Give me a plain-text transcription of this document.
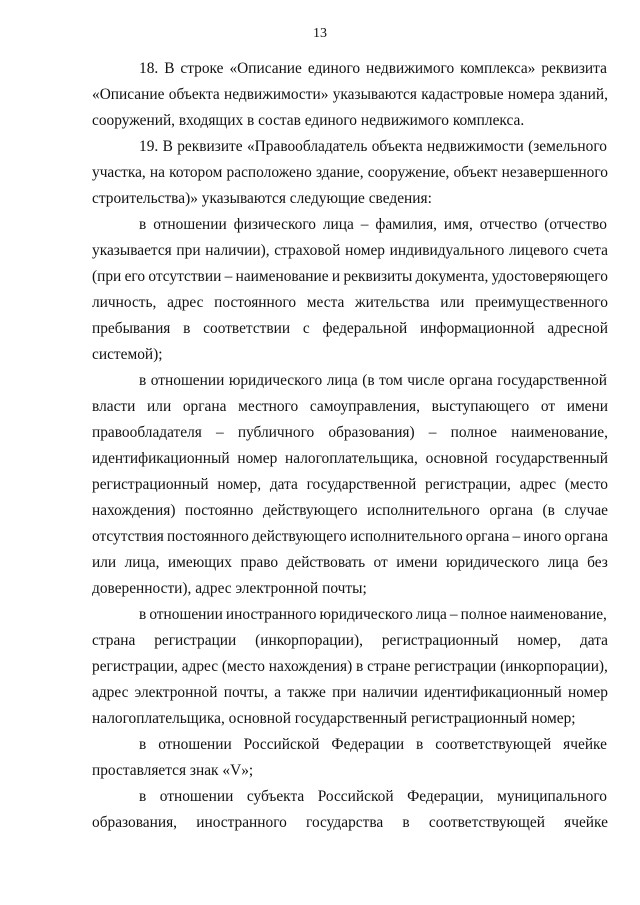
13
18. В строке «Описание единого недвижимого комплекса» реквизита
«Описание объекта недвижимости» указываются кадастровые номера зданий,
сооружений, входящих в состав единого недвижимого комплекса.
19. В реквизите «Правообладатель объекта недвижимости (земельного
участка, на котором расположено здание, сооружение, объект незавершенного
строительства)» указываются следующие сведения:
в отношении физического лица – фамилия, имя, отчество (отчество
указывается при наличии), страховой номер индивидуального лицевого счета
(при его отсутствии – наименование и реквизиты документа, удостоверяющего
личность, адрес постоянного места жительства или преимущественного
пребывания в соответствии с федеральной информационной адресной
системой);
в отношении юридического лица (в том числе органа государственной
власти или органа местного самоуправления, выступающего от имени
правообладателя – публичного образования) – полное наименование,
идентификационный номер налогоплательщика, основной государственный
регистрационный номер, дата государственной регистрации, адрес (место
нахождения) постоянно действующего исполнительного органа (в случае
отсутствия постоянного действующего исполнительного органа – иного органа
или лица, имеющих право действовать от имени юридического лица без
доверенности), адрес электронной почты;
в отношении иностранного юридического лица – полное наименование,
страна регистрации (инкорпорации), регистрационный номер, дата
регистрации, адрес (место нахождения) в стране регистрации (инкорпорации),
адрес электронной почты, а также при наличии идентификационный номер
налогоплательщика, основной государственный регистрационный номер;
в отношении Российской Федерации в соответствующей ячейке
проставляется знак «V»;
в отношении субъекта Российской Федерации, муниципального
образования, иностранного государства в соответствующей ячейке
